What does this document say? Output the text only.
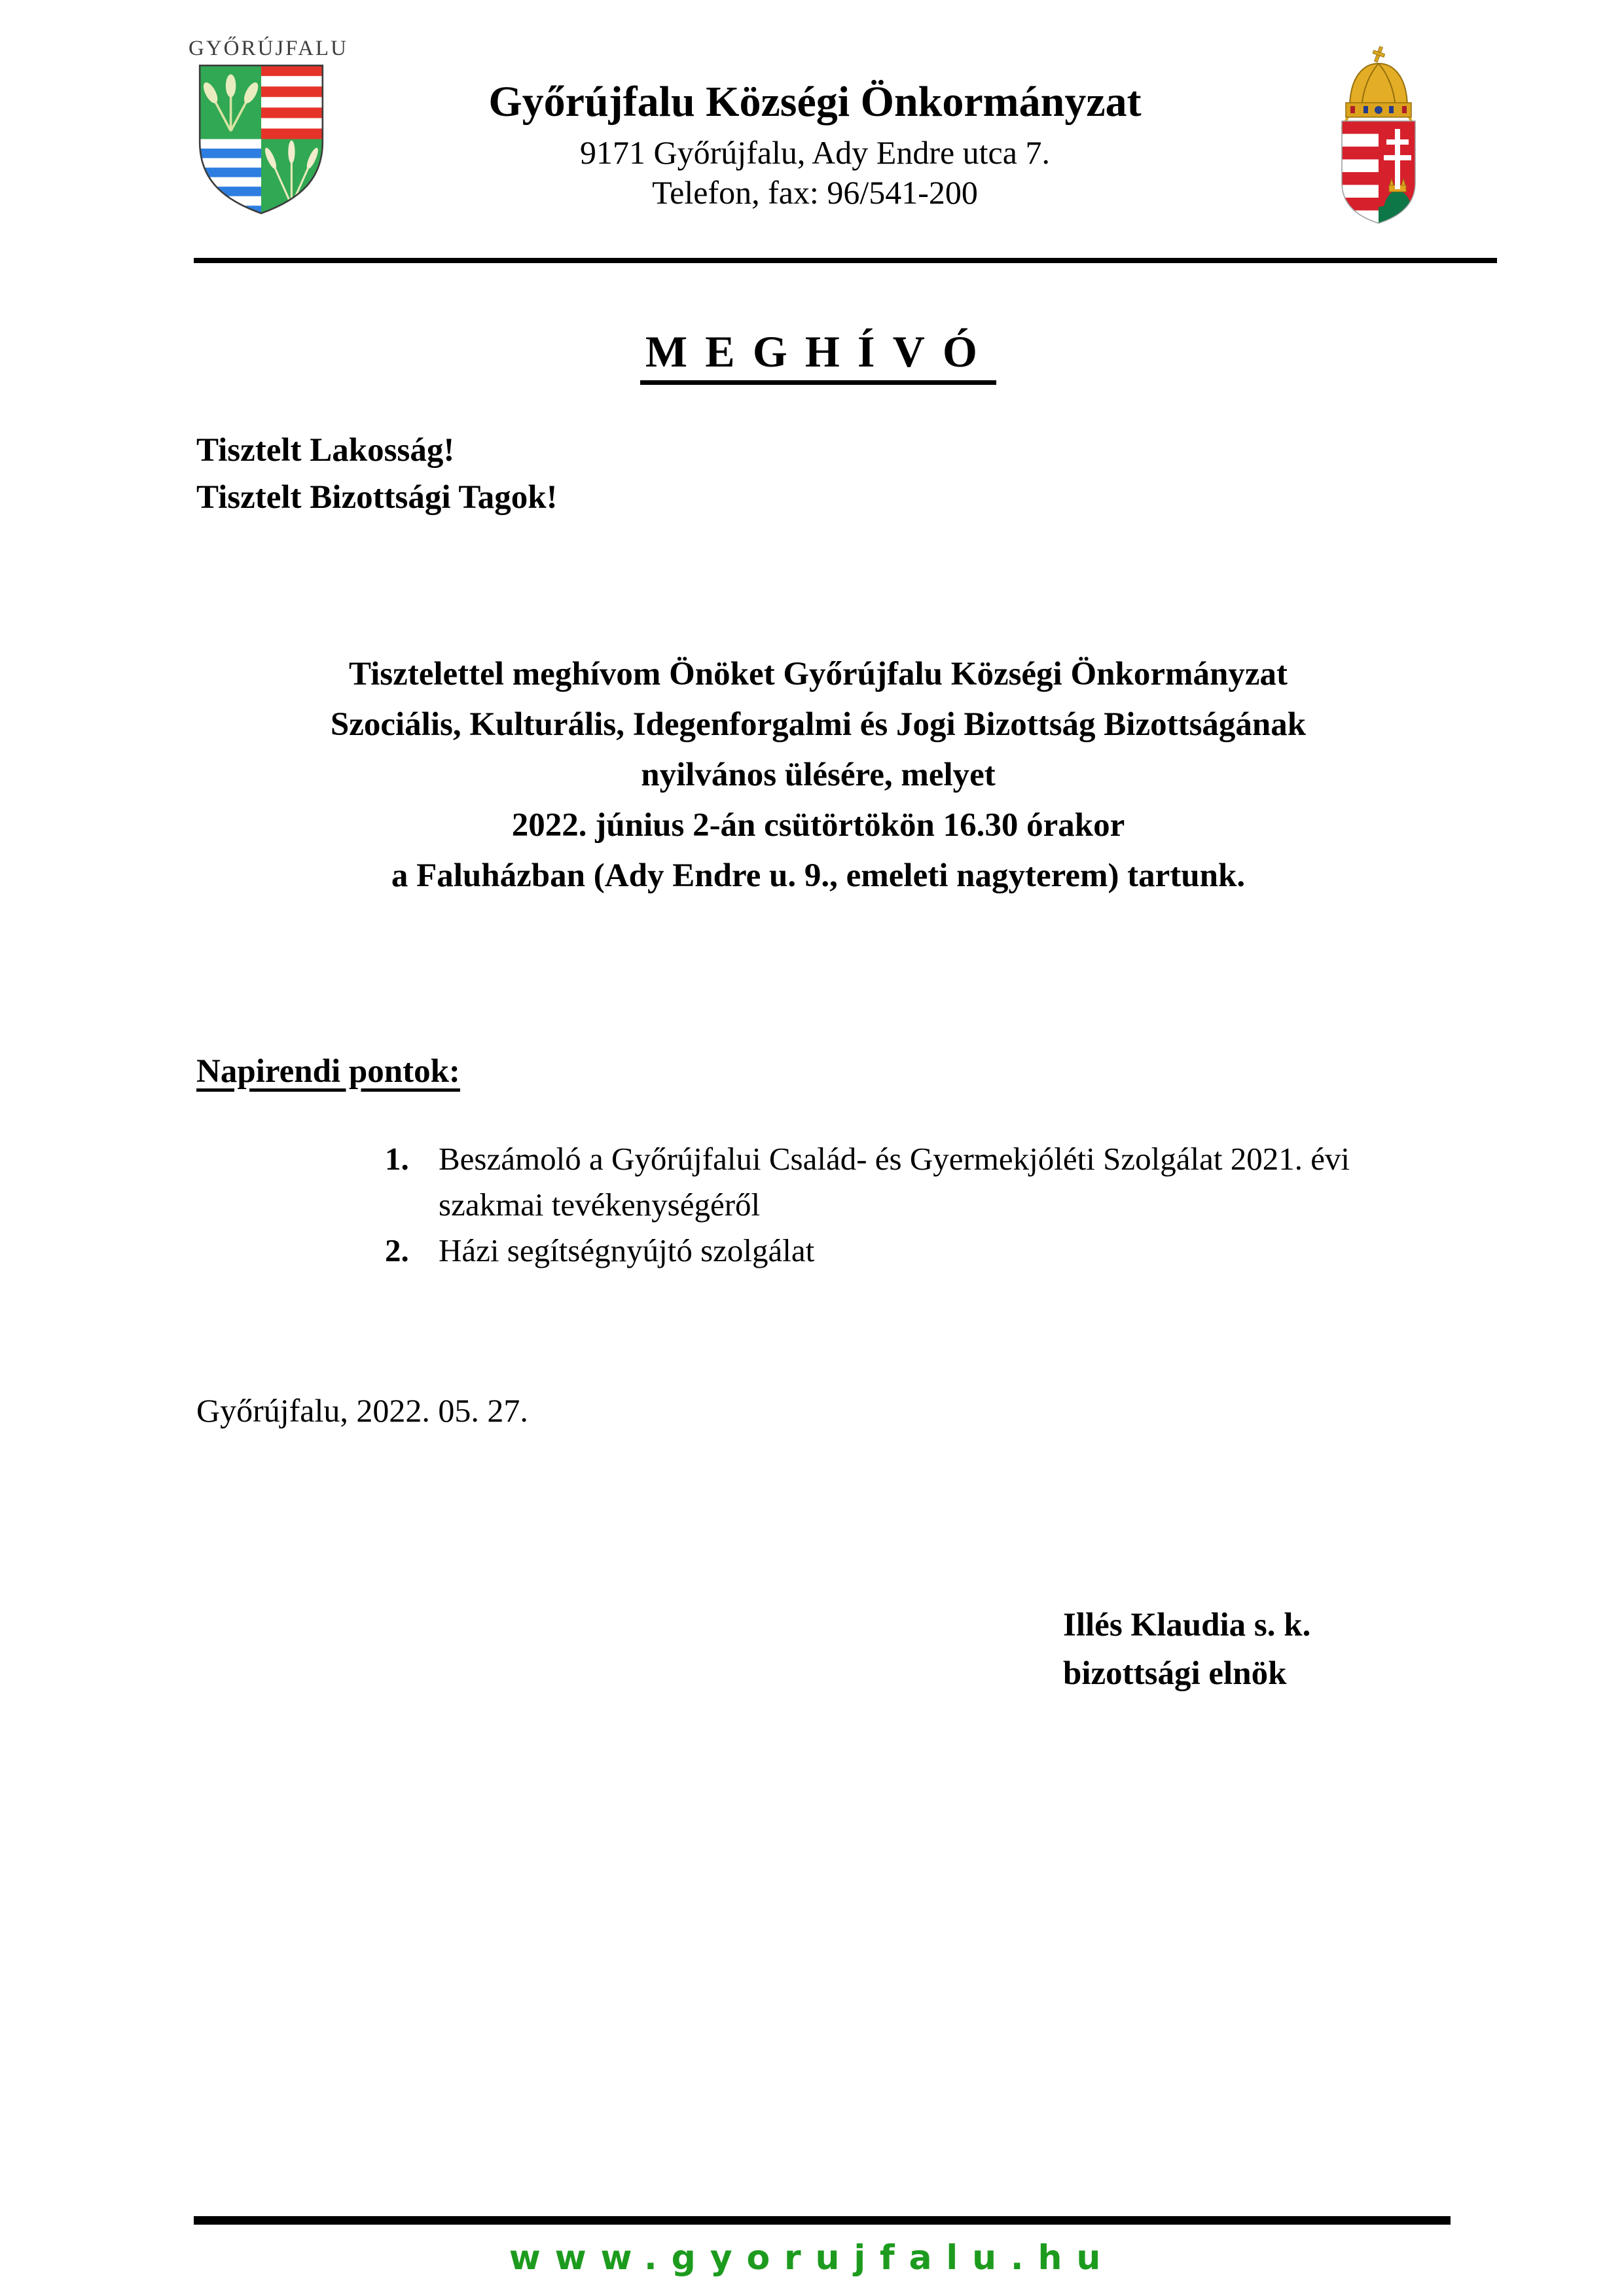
GYŐRÚJFALU
Győrújfalu Községi Önkormányzat
9171 Győrújfalu, Ady Endre utca 7.
Telefon, fax: 96/541-200
MEGHÍVÓ
Tisztelt Lakosság!
Tisztelt Bizottsági Tagok!
Tisztelettel meghívom Önöket Győrújfalu Községi Önkormányzat
Szociális, Kulturális, Idegenforgalmi és Jogi Bizottság Bizottságának
nyilvános ülésére, melyet
2022. június 2-án csütörtökön 16.30 órakor
a Faluházban (Ady Endre u. 9., emeleti nagyterem) tartunk.
Napirendi pontok:
1. Beszámoló a Győrújfalui Család- és Gyermekjóléti Szolgálat 2021. évi szakmai tevékenységéről
2. Házi segítségnyújtó szolgálat
Győrújfalu, 2022. 05. 27.
Illés Klaudia s. k.
bizottsági elnök
www.gyorujfalu.hu
